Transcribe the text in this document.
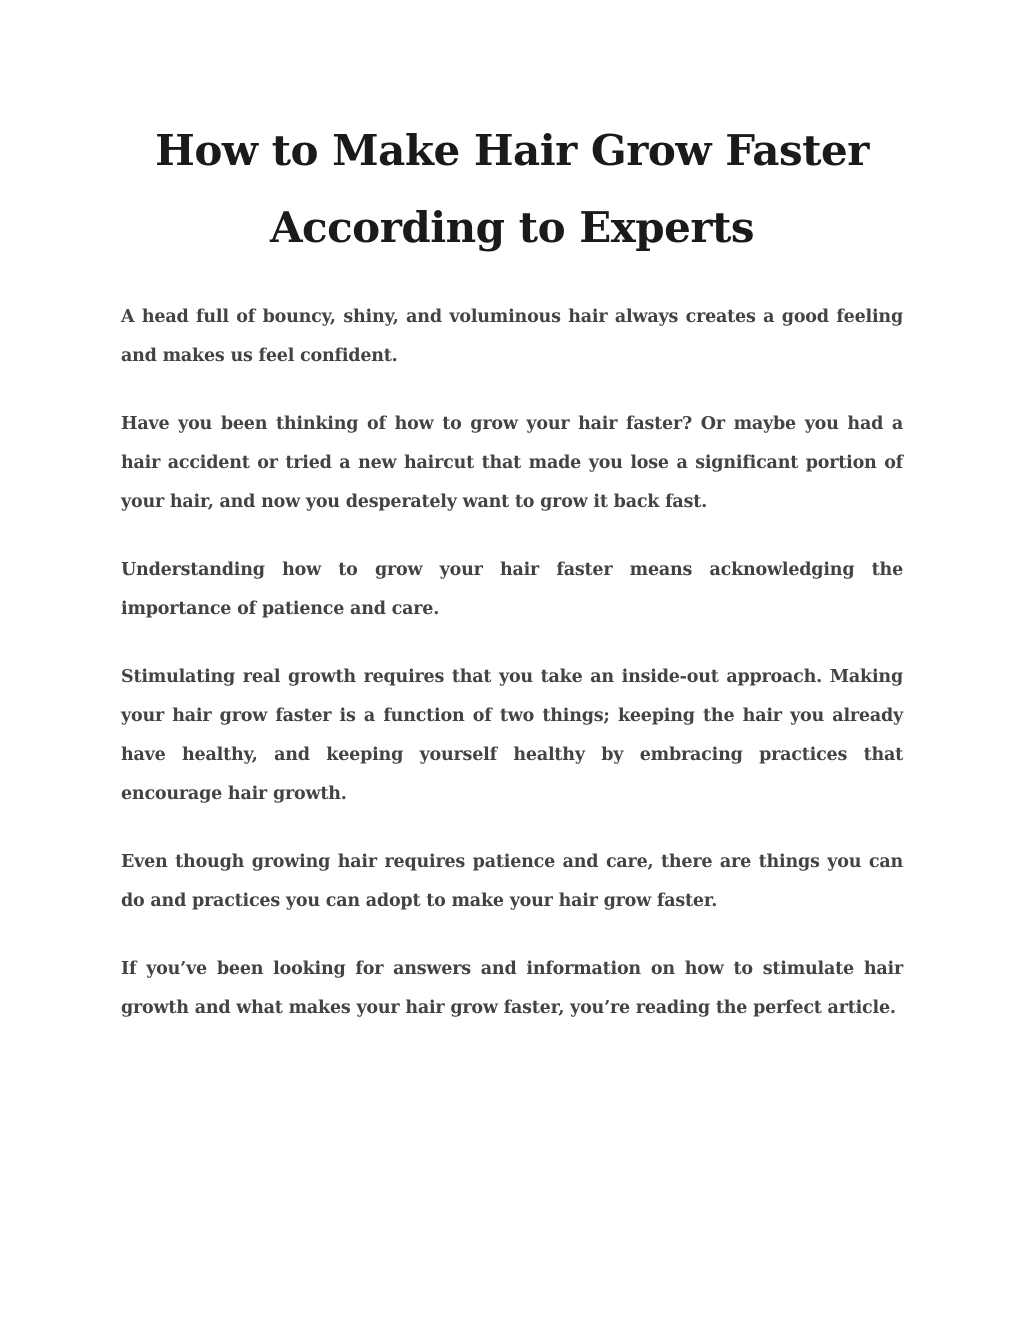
How to Make Hair Grow Faster
According to Experts

A head full of bouncy, shiny, and voluminous hair always creates a good feeling and makes us feel confident.

Have you been thinking of how to grow your hair faster? Or maybe you had a hair accident or tried a new haircut that made you lose a significant portion of your hair, and now you desperately want to grow it back fast.

Understanding how to grow your hair faster means acknowledging the importance of patience and care.

Stimulating real growth requires that you take an inside-out approach. Making your hair grow faster is a function of two things; keeping the hair you already have healthy, and keeping yourself healthy by embracing practices that encourage hair growth.

Even though growing hair requires patience and care, there are things you can do and practices you can adopt to make your hair grow faster.

If you’ve been looking for answers and information on how to stimulate hair growth and what makes your hair grow faster, you’re reading the perfect article.
